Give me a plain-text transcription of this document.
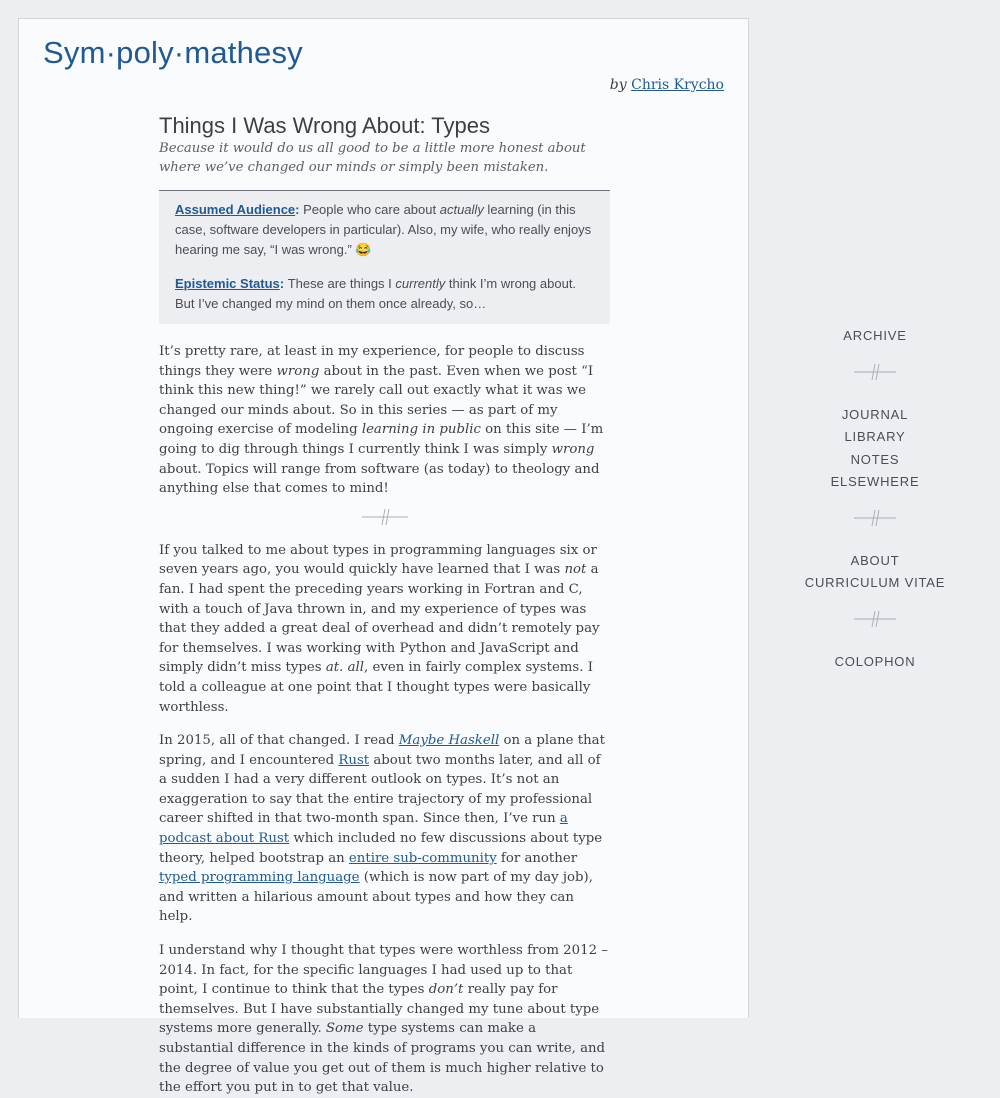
Sym·poly·mathesy
by Chris Krycho
Things I Was Wrong About: Types

Because it would do us all good to be a little more honest about where we’ve changed our minds or simply been mistaken.

Assumed Audience: People who care about actually learning (in this case, software developers in particular). Also, my wife, who really enjoys hearing me say, “I was wrong.” 😂

Epistemic Status: These are things I currently think I’m wrong about. But I’ve changed my mind on them once already, so…

It’s pretty rare, at least in my experience, for people to discuss things they were wrong about in the past. Even when we post “I think this new thing!” we rarely call out exactly what it was we changed our minds about. So in this series — as part of my ongoing exercise of modeling learning in public on this site — I’m going to dig through things I currently think I was simply wrong about. Topics will range from software (as today) to theology and anything else that comes to mind!

If you talked to me about types in programming languages six or seven years ago, you would quickly have learned that I was not a fan. I had spent the preceding years working in Fortran and C, with a touch of Java thrown in, and my experience of types was that they added a great deal of overhead and didn’t remotely pay for themselves. I was working with Python and JavaScript and simply didn’t miss types at. all, even in fairly complex systems. I told a colleague at one point that I thought types were basically worthless.

In 2015, all of that changed. I read Maybe Haskell on a plane that spring, and I encountered Rust about two months later, and all of a sudden I had a very different outlook on types. It’s not an exaggeration to say that the entire trajectory of my professional career shifted in that two-month span. Since then, I’ve run a podcast about Rust which included no few discussions about type theory, helped bootstrap an entire sub-community for another typed programming language (which is now part of my day job), and written a hilarious amount about types and how they can help.

I understand why I thought that types were worthless from 2012 – 2014. In fact, for the specific languages I had used up to that point, I continue to think that the types don’t really pay for themselves. But I have substantially changed my tune about type systems more generally. Some type systems can make a substantial difference in the kinds of programs you can write, and the degree of value you get out of them is much higher relative to the effort you put in to get that value.

ARCHIVE
JOURNAL
LIBRARY
NOTES
ELSEWHERE
ABOUT
CURRICULUM VITAE
COLOPHON
